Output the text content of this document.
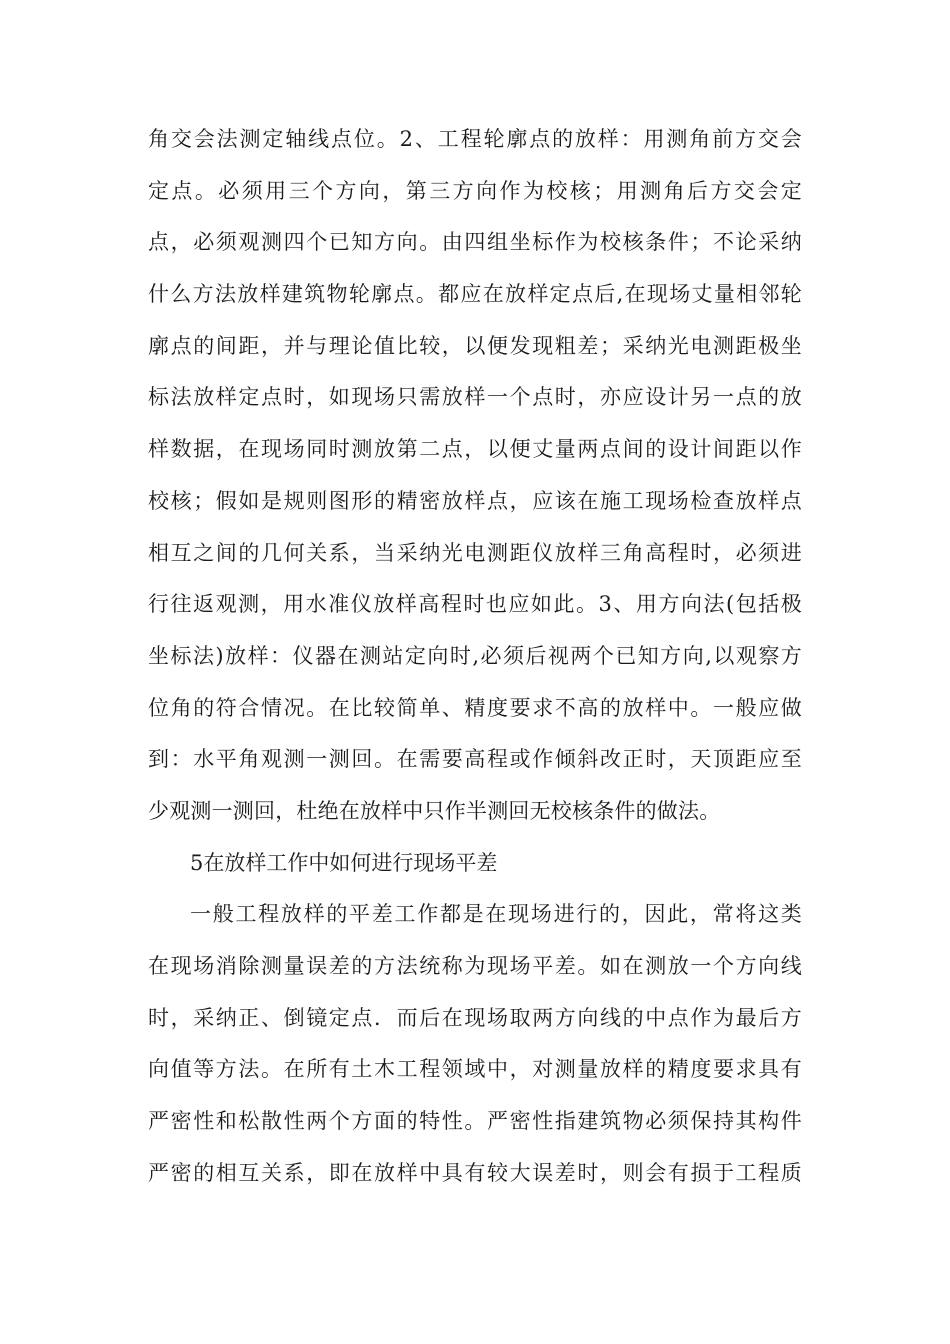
角交会法测定轴线点位。2、工程轮廓点的放样：用测角前方交会
定点。必须用三个方向，第三方向作为校核；用测角后方交会定
点，必须观测四个已知方向。由四组坐标作为校核条件；不论采纳
什么方法放样建筑物轮廓点。都应在放样定点后,在现场丈量相邻轮
廓点的间距，并与理论值比较，以便发现粗差；采纳光电测距极坐
标法放样定点时，如现场只需放样一个点时，亦应设计另一点的放
样数据，在现场同时测放第二点，以便丈量两点间的设计间距以作
校核；假如是规则图形的精密放样点，应该在施工现场检查放样点
相互之间的几何关系，当采纳光电测距仪放样三角高程时，必须进
行往返观测，用水准仪放样高程时也应如此。3、用方向法(包括极
坐标法)放样：仪器在测站定向时,必须后视两个已知方向,以观察方
位角的符合情况。在比较简单、精度要求不高的放样中。一般应做
到：水平角观测一测回。在需要高程或作倾斜改正时，天顶距应至
少观测一测回，杜绝在放样中只作半测回无校核条件的做法。
5在放样工作中如何进行现场平差
一般工程放样的平差工作都是在现场进行的，因此，常将这类
在现场消除测量误差的方法统称为现场平差。如在测放一个方向线
时，采纳正、倒镜定点．而后在现场取两方向线的中点作为最后方
向值等方法。在所有土木工程领域中，对测量放样的精度要求具有
严密性和松散性两个方面的特性。严密性指建筑物必须保持其构件
严密的相互关系，即在放样中具有较大误差时，则会有损于工程质
